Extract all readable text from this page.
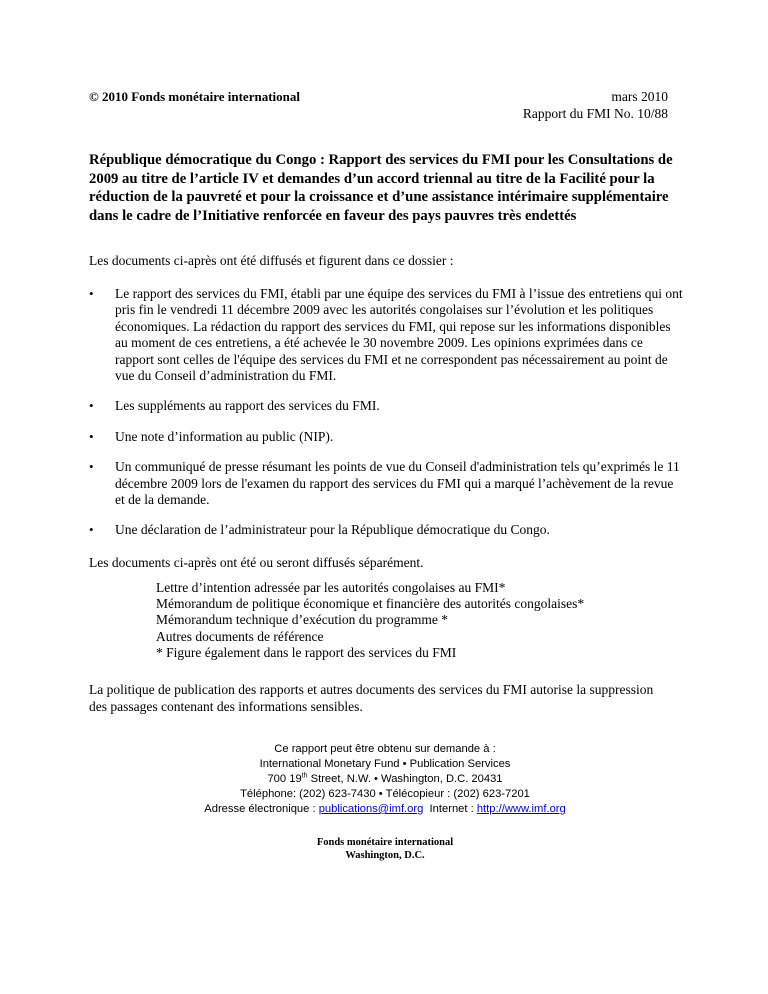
© 2010 Fonds monétaire international	mars 2010
Rapport du FMI No. 10/88
République démocratique du Congo : Rapport des services du FMI pour les Consultations de 2009 au titre de l’article IV et demandes d’un accord triennal au titre de la Facilité pour la réduction de la pauvreté et pour la croissance et d’une assistance intérimaire supplémentaire dans le cadre de l’Initiative renforcée en faveur des pays pauvres très endettés
Les documents ci-après ont été diffusés et figurent dans ce dossier :
• Le rapport des services du FMI, établi par une équipe des services du FMI à l’issue des entretiens qui ont pris fin le vendredi 11 décembre 2009 avec les autorités congolaises sur l’évolution et les politiques économiques. La rédaction du rapport des services du FMI, qui repose sur les informations disponibles au moment de ces entretiens, a été achevée le 30 novembre 2009. Les opinions exprimées dans ce rapport sont celles de l'équipe des services du FMI et ne correspondent pas nécessairement au point de vue du Conseil d’administration du FMI.
• Les suppléments au rapport des services du FMI.
• Une note d’information au public (NIP).
• Un communiqué de presse résumant les points de vue du Conseil d'administration tels qu’exprimés le 11 décembre 2009 lors de l'examen du rapport des services du FMI qui a marqué l’achèvement de la revue et de la demande.
• Une déclaration de l’administrateur pour la République démocratique du Congo.
Les documents ci-après ont été ou seront diffusés séparément.
Lettre d’intention adressée par les autorités congolaises au FMI*
Mémorandum de politique économique et financière des autorités congolaises*
Mémorandum technique d’exécution du programme *
Autres documents de référence
* Figure également dans le rapport des services du FMI
La politique de publication des rapports et autres documents des services du FMI autorise la suppression des passages contenant des informations sensibles.
Ce rapport peut être obtenu sur demande à :
International Monetary Fund • Publication Services
700 19th Street, N.W. • Washington, D.C. 20431
Téléphone: (202) 623-7430 • Télécopieur : (202) 623-7201
Adresse électronique : publications@imf.org  Internet : http://www.imf.org
Fonds monétaire international
Washington, D.C.
